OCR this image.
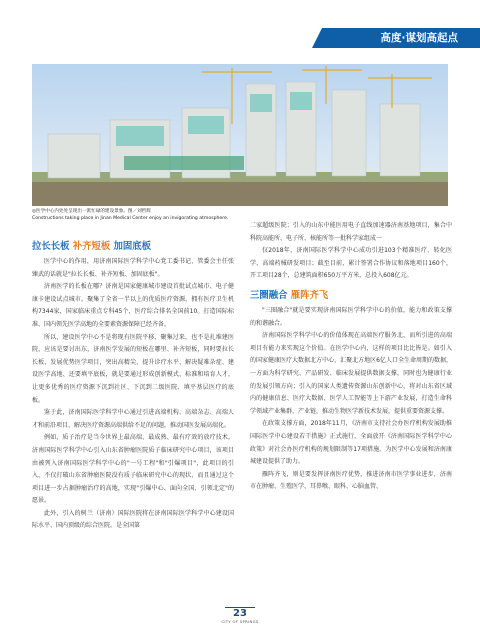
高度·谋划高起点
◎医学中心内处处呈现出一派忙碌的建设景象。图／刘哲辉
Constructions taking place in Jinan Medical Center enjoy an invigorating atmosphere.
拉长长板 补齐短板 加固底板

医学中心的作用，用济南国际医学科学中心党工委书记、管委会主任张臻武的话就是"拉长长板、补齐短板、加固底板"。

济南医学的长板在哪？济南是国家健康城市建设首批试点城市、电子健康卡建设试点城市。聚集了全省一半以上的优质医疗资源，拥有医疗卫生机构7344家，国家临床重点专科45个，医疗综合排名全国前10。打造国际标准、国内领先医学高地的全要素资源保障已经齐备。

所以，建设医学中心不是将现有医院平移、聚集过来，也不是扎堆建医院，应该是要讨出东，济南医学发展的短板在哪里、补齐短板，同时要拉长长板，发展优势医学项目，突出高精尖、提升诊疗水平、解决疑难杂症、建设医学高地、还要填平底板，就是要通过形成创新模式、标准和培育人才，让更多优秀的医疗资源下沉到社区、下沉到二级医院、填平基层医疗的底板。

鉴于此，济南国际医学科学中心通过引进高端机构、高端杂志、高端人才和前沿项目、解决医疗资源高端供给不足的问题，推动国医发展高端化。

例如，质子治疗是当今世界上最高端、最成熟、最有疗效的放疗技术。济南国际医学科学中心引入山东省肿瘤医院质子临床研究中心项目，该项目由被列入济南国际医学科学中心的"一号工程"和"引爆项目"，此项目的引入，不仅打破山东省肿瘤医院没有质子临床研究中心的现状，而且通过这个项目进一步占据肿瘤治疗的高地，实现"引爆中心、面向全国、引领北定"的愿景。

此外，引入的树兰（济南）国际医院将在济南国际医学科学中心建设国际水平、国内顶级的综合医院。是全国第

二家超级医院；引入的山东中能医用电子直线加速器济南基地项目，集合中科院高能所、电子所、核能所等一批科学家组成一

仅2018年，济南国际医学科学中心成功引进103个精准医疗、转化医学、高端药械研发项目；截至目前，累计签署合作协议和落地项目160个，开工项目28个，总建筑面积650万平方米，总投入608亿元。

三圈融合 雁阵齐飞

"三圈融合"就是要实现济南国际医学科学中心的价值，能力和政策支撑的和谐融合。

济南国际医学科学中心的价值体现在高端医疗服务北，而所引进的高端项目有能力来实现这个价值。在医学中心内，这样的项目比比皆是。如引入的国家健康医疗大数据北方中心，汇聚北方地区6亿人口全生命周期的数据，一方面为科学研究、产品研发、临床发展提供数据支撑，同时也为健康行业的发展引领方向；引入的国家人类遗传资源山东创新中心，将对山东省区域内的健康信息、医疗大数据、医学人工智能等上下游产业发展，打造生命科学领域产业集群、产业链，推动生物医学新技术发展，提供重要资源支撑。

在政策支撑方面，2018年11月，《济南市支持社会办医疗机构发展助推国际医学中心建设若干措施》正式施行，全面放开《济南国际医学科学中心政策》对社会办医疗机构的规划限制等17项措施，为医学中心发展和济南康城建设提供了助力。

雁阵齐飞，则是要发挥济南医疗优势，推进济南市医学事业进步，济南市在肿瘤、生殖医学、耳鼻喉、眼科、心脑血管、

23
CITY OF SPRINGS
